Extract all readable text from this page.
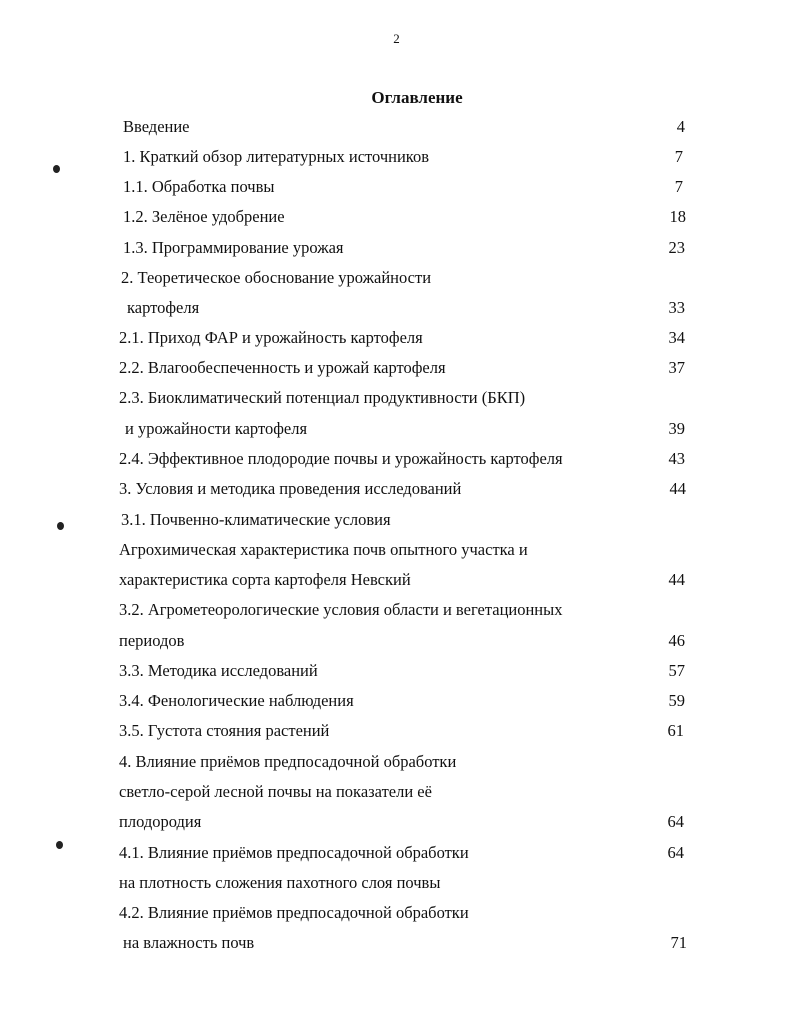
2
Оглавление
Введение	4
1. Краткий обзор литературных источников	7
1.1. Обработка почвы	7
1.2. Зелёное удобрение	18
1.3. Программирование урожая	23
2. Теоретическое обоснование урожайности
картофеля	33
2.1. Приход ФАР и урожайность картофеля	34
2.2. Влагообеспеченность и урожай картофеля	37
2.3. Биоклиматический потенциал продуктивности (БКП)
и урожайности картофеля	39
2.4. Эффективное плодородие почвы и урожайность картофеля	43
3. Условия и методика проведения исследований	44
3.1. Почвенно-климатические условия
Агрохимическая характеристика почв опытного участка и
характеристика сорта картофеля Невский	44
3.2. Агрометеорологические условия области и вегетационных
периодов	46
3.3. Методика исследований	57
3.4. Фенологические наблюдения	59
3.5. Густота стояния растений	61
4. Влияние приёмов предпосадочной обработки
светло-серой лесной почвы на показатели её
плодородия	64
4.1. Влияние приёмов предпосадочной обработки	64
на плотность сложения пахотного слоя почвы
4.2. Влияние приёмов предпосадочной обработки
на влажность почв	71
